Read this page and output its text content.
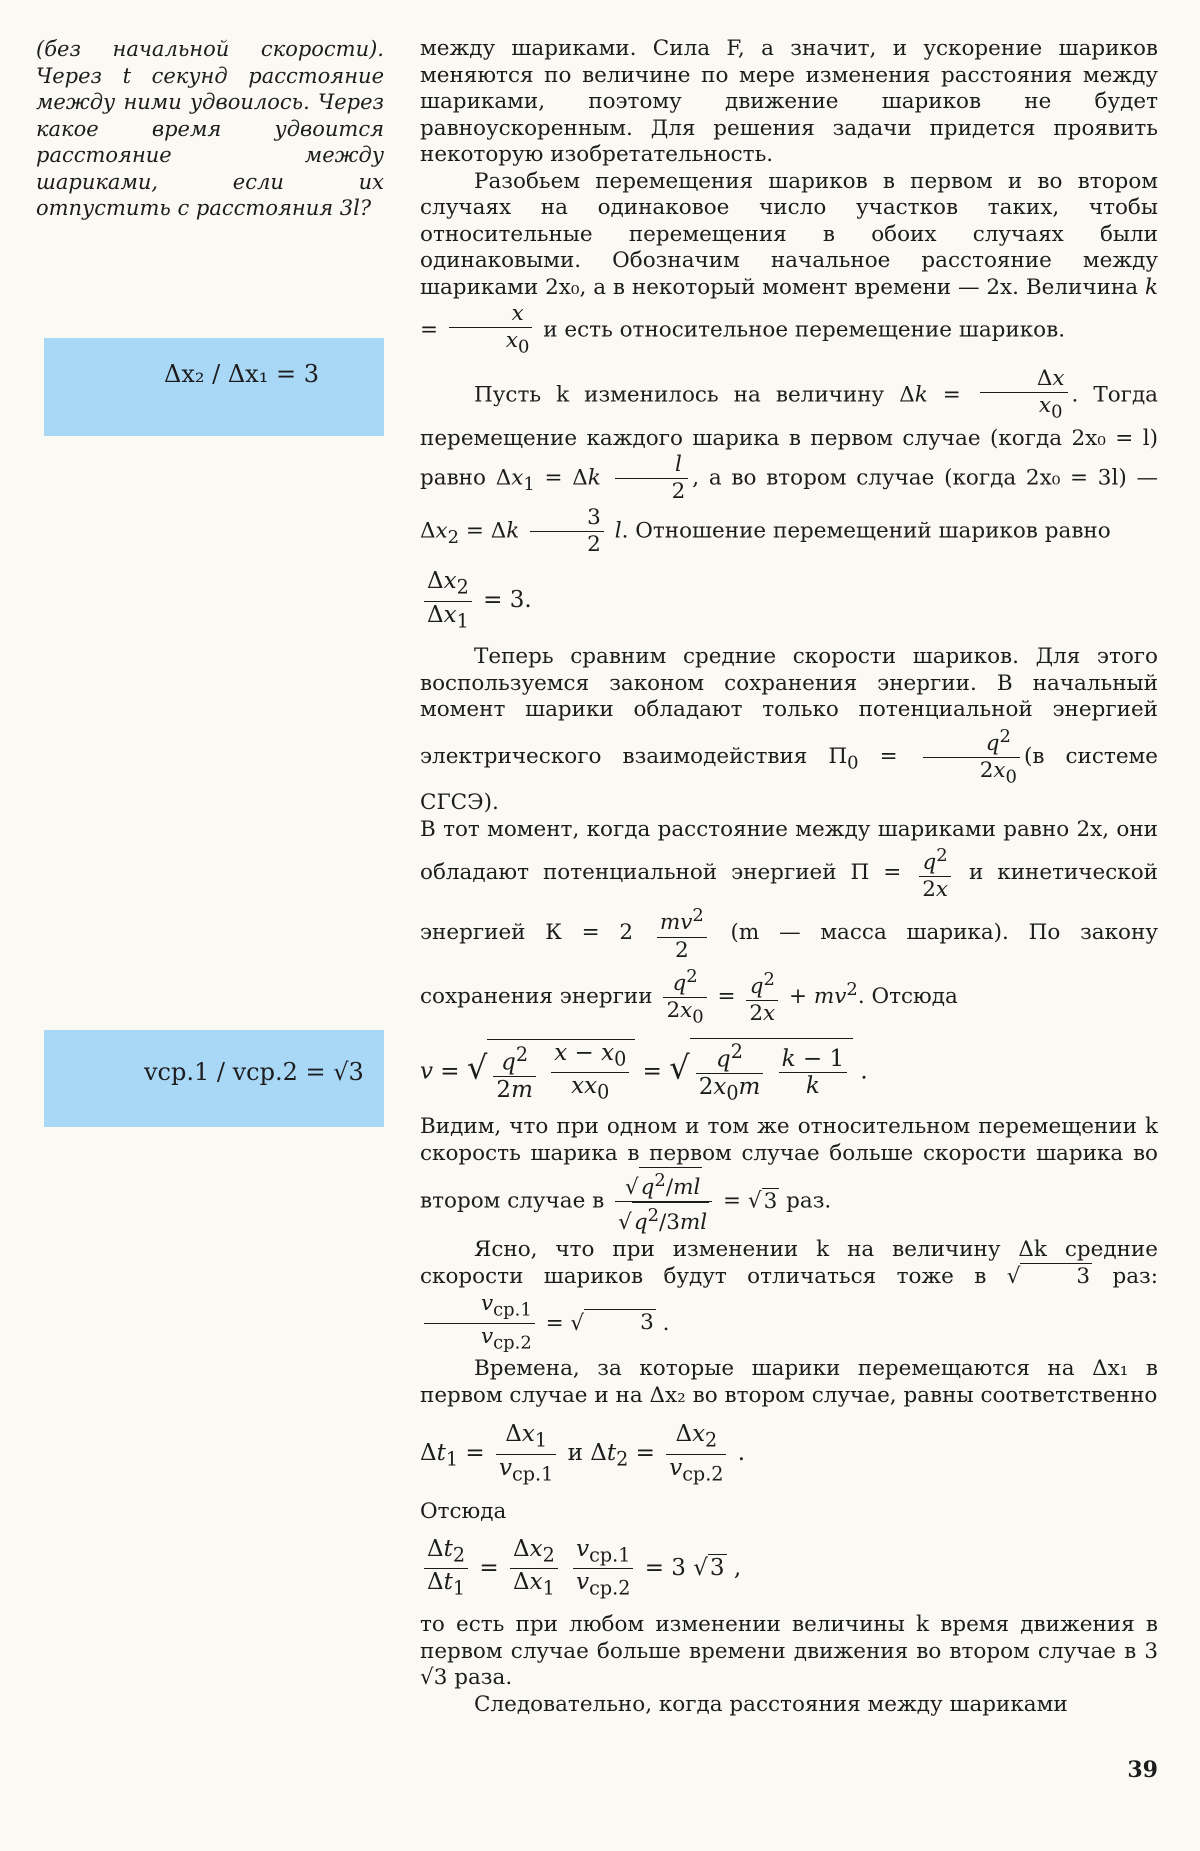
(без начальной скорости). Через t секунд расстояние между ними удвоилось. Через какое время удвоится расстояние между шариками, если их отпустить с расстояния 3l?
Δx₂ / Δx₁ = 3
vср.1 / vср.2 = √3

между шариками. Сила F, а значит, и ускорение шариков меняются по величине по мере изменения расстояния между шариками, поэтому движение шариков не будет равноускоренным. Для решения задачи придется проявить некоторую изобретательность.

Разобьем перемещения шариков в первом и во втором случаях на одинаковое число участков таких, чтобы относительные перемещения в обоих случаях были одинаковыми. Обозначим начальное расстояние между шариками 2x₀, а в некоторый момент времени — 2x. Величина $k = \frac{x}{x_0}$ и есть относительное перемещение шариков.

Пусть k изменилось на величину $\Delta k = \frac{\Delta x}{x_0}$ . Тогда перемещение каждого шарика в первом случае (когда 2x₀ = l) равно $\Delta x_1 = \Delta k \frac{l}{2}$ , а во втором случае (когда 2x₀ = 3l) — $\Delta x_2 = \Delta k \frac{3}{2} l$. Отношение перемещений шариков равно

$\frac{\Delta x_2}{\Delta x_1} = 3$.

Теперь сравним средние скорости шариков. Для этого воспользуемся законом сохранения энергии. В начальный момент шарики обладают только потенциальной энергией электрического взаимодействия $П_0 = \frac{q^2}{2x_0} (в$ системе СГСЭ).

В тот момент, когда расстояние между шариками равно 2x, они обладают потенциальной энергией $П = \frac{q^2}{2x}$ и кинетической энергией $К = 2 \frac{mv^2}{2} (m$ — масса шарика). По закону сохранения энергии $\frac{q^2}{2x_0} = \frac{q^2}{2x} + mv^2$. Отсюда

v = √ $\frac{q^2}{2m}$
$\frac{x - x_0}{xx_0}$ = √ $\frac{q^2}{2x_0m}$
$\frac{k - 1}{k}$ .

Видим, что при одном и том же относительном перемещении k скорость шарика в первом случае больше скорости шарика во втором случае в $\frac{√q^2/ml}{√q^2/3ml} = √3$ раз.

Ясно, что при изменении k на величину Δk средние скорости шариков будут отличаться тоже в √	3 раз:
$\frac{v_{ср.1}}{v_{ср.2}}$ = √	3 .

Времена, за которые шарики перемещаются на Δx₁ в первом случае и на Δx₂ во втором случае, равны соответственно

$\Delta t_1 = \frac{\Delta x_1}{v_{ср.1}}$ и $\Delta t_2 = \frac{\Delta x_2}{v_{ср.2}}$ .

Отсюда

$\frac{\Delta t_2}{\Delta t_1} = \frac{\Delta x_2}{\Delta x_1}$
$\frac{v_{ср.1}}{v_{ср.2}} = 3$ √3 ,

то есть при любом изменении величины k время движения в первом случае больше времени движения во втором случае в 3 √3 раза.

Следовательно, когда расстояния между шариками

39
